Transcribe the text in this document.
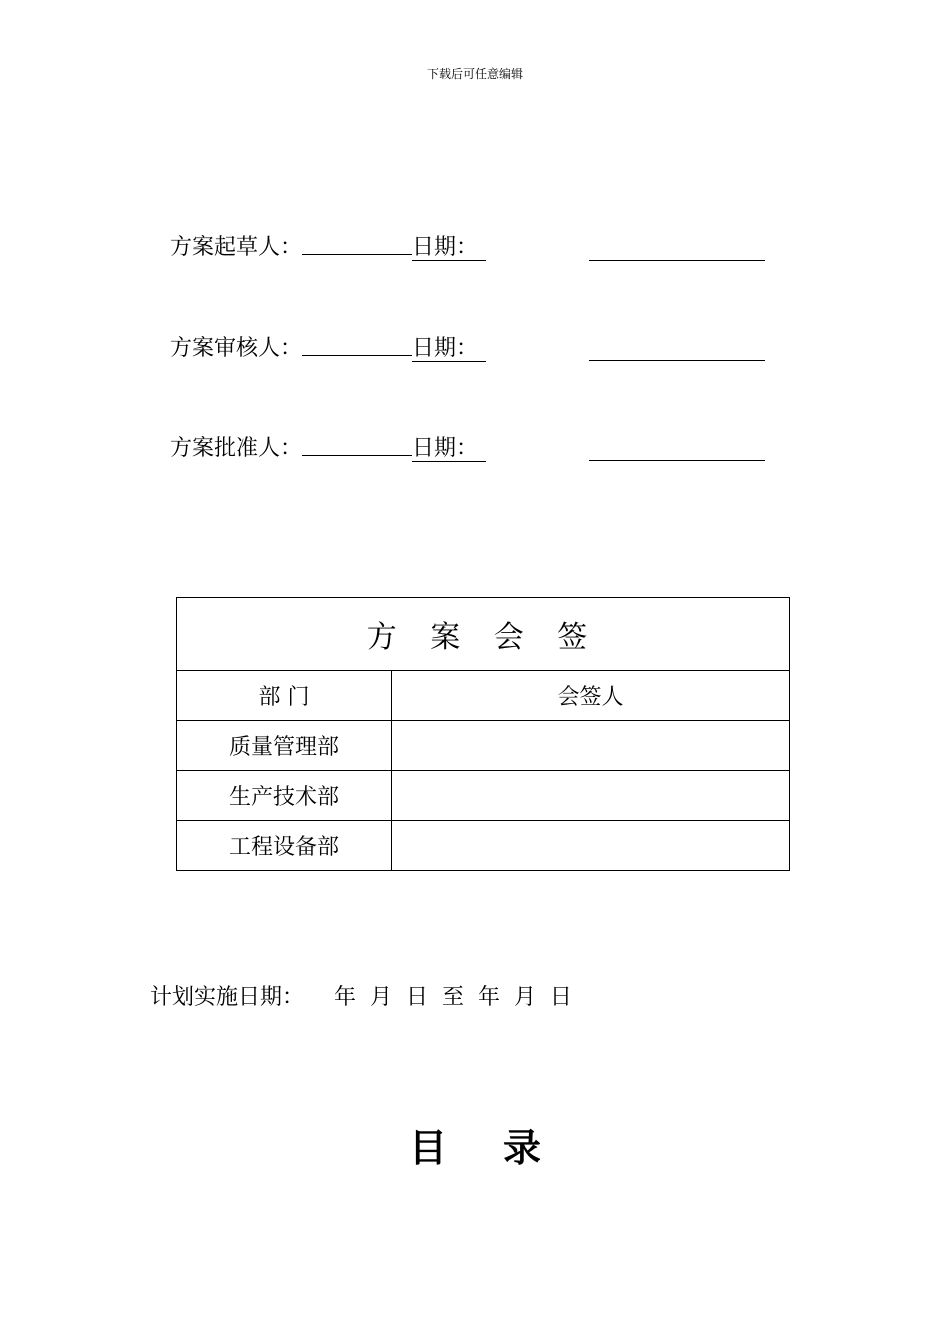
下载后可任意编辑
方案起草人：	日期：
方案审核人：	日期：
方案批准人：	日期：
方 案 会 签	
部 门	会签人
质量管理部	
生产技术部	
工程设备部	
计划实施日期： 年  月  日  至  年  月  日
目 录
